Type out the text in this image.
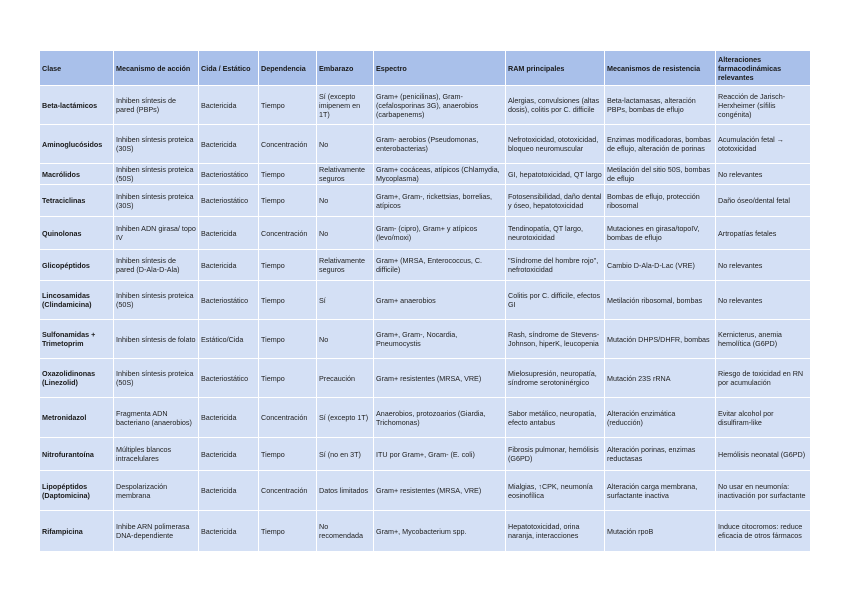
Clase	Mecanismo de acción	Cida / Estático	Dependencia	Embarazo	Espectro	RAM principales	Mecanismos de resistencia	Alteraciones farmacodinámicas relevantes
Beta-lactámicos	Inhiben síntesis de pared (PBPs)	Bactericida	Tiempo	Sí (excepto imipenem en 1T)	Gram+ (penicilinas), Gram- (cefalosporinas 3G), anaerobios (carbapenems)	Alergias, convulsiones (altas dosis), colitis por C. difficile	Beta-lactamasas, alteración PBPs, bombas de eflujo	Reacción de Jarisch-Herxheimer (sífilis congénita)
Aminoglucósidos	Inhiben síntesis proteica (30S)	Bactericida	Concentración	No	Gram- aerobios (Pseudomonas, enterobacterias)	Nefrotoxicidad, ototoxicidad, bloqueo neuromuscular	Enzimas modificadoras, bombas de eflujo, alteración de porinas	Acumulación fetal → ototoxicidad
Macrólidos	Inhiben síntesis proteica (50S)	Bacteriostático	Tiempo	Relativamente seguros	Gram+ cocáceas, atípicos (Chlamydia, Mycoplasma)	GI, hepatotoxicidad, QT largo	Metilación del sitio 50S, bombas de eflujo	No relevantes
Tetraciclinas	Inhiben síntesis proteica (30S)	Bacteriostático	Tiempo	No	Gram+, Gram-, rickettsias, borrelias, atípicos	Fotosensibilidad, daño dental y óseo, hepatotoxicidad	Bombas de eflujo, protección ribosomal	Daño óseo/dental fetal
Quinolonas	Inhiben ADN girasa/ topo IV	Bactericida	Concentración	No	Gram- (cipro), Gram+ y atípicos (levo/moxi)	Tendinopatía, QT largo, neurotoxicidad	Mutaciones en girasa/topoIV, bombas de eflujo	Artropatías fetales
Glicopéptidos	Inhiben síntesis de pared (D-Ala-D-Ala)	Bactericida	Tiempo	Relativamente seguros	Gram+ (MRSA, Enterococcus, C. difficile)	"Síndrome del hombre rojo", nefrotoxicidad	Cambio D-Ala-D-Lac (VRE)	No relevantes
Lincosamidas (Clindamicina)	Inhiben síntesis proteica (50S)	Bacteriostático	Tiempo	Sí	Gram+ anaerobios	Colitis por C. difficile, efectos GI	Metilación ribosomal, bombas	No relevantes
Sulfonamidas + Trimetoprim	Inhiben síntesis de folato	Estático/Cida	Tiempo	No	Gram+, Gram-, Nocardia, Pneumocystis	Rash, síndrome de Stevens-Johnson, hiperK, leucopenia	Mutación DHPS/DHFR, bombas	Kernicterus, anemia hemolítica (G6PD)
Oxazolidinonas (Linezolid)	Inhiben síntesis proteica (50S)	Bacteriostático	Tiempo	Precaución	Gram+ resistentes (MRSA, VRE)	Mielosupresión, neuropatía, síndrome serotoninérgico	Mutación 23S rRNA	Riesgo de toxicidad en RN por acumulación
Metronidazol	Fragmenta ADN bacteriano (anaerobios)	Bactericida	Concentración	Sí (excepto 1T)	Anaerobios, protozoarios (Giardia, Trichomonas)	Sabor metálico, neuropatía, efecto antabus	Alteración enzimática (reducción)	Evitar alcohol por disulfiram-like
Nitrofurantoína	Múltiples blancos intracelulares	Bactericida	Tiempo	Sí (no en 3T)	ITU por Gram+, Gram- (E. coli)	Fibrosis pulmonar, hemólisis (G6PD)	Alteración porinas, enzimas reductasas	Hemólisis neonatal (G6PD)
Lipopéptidos (Daptomicina)	Despolarización membrana	Bactericida	Concentración	Datos limitados	Gram+ resistentes (MRSA, VRE)	Mialgias, ↑CPK, neumonía eosinofílica	Alteración carga membrana, surfactante inactiva	No usar en neumonía: inactivación por surfactante
Rifampicina	Inhibe ARN polimerasa DNA-dependiente	Bactericida	Tiempo	No recomendada	Gram+, Mycobacterium spp.	Hepatotoxicidad, orina naranja, interacciones	Mutación rpoB	Induce citocromos: reduce eficacia de otros fármacos
